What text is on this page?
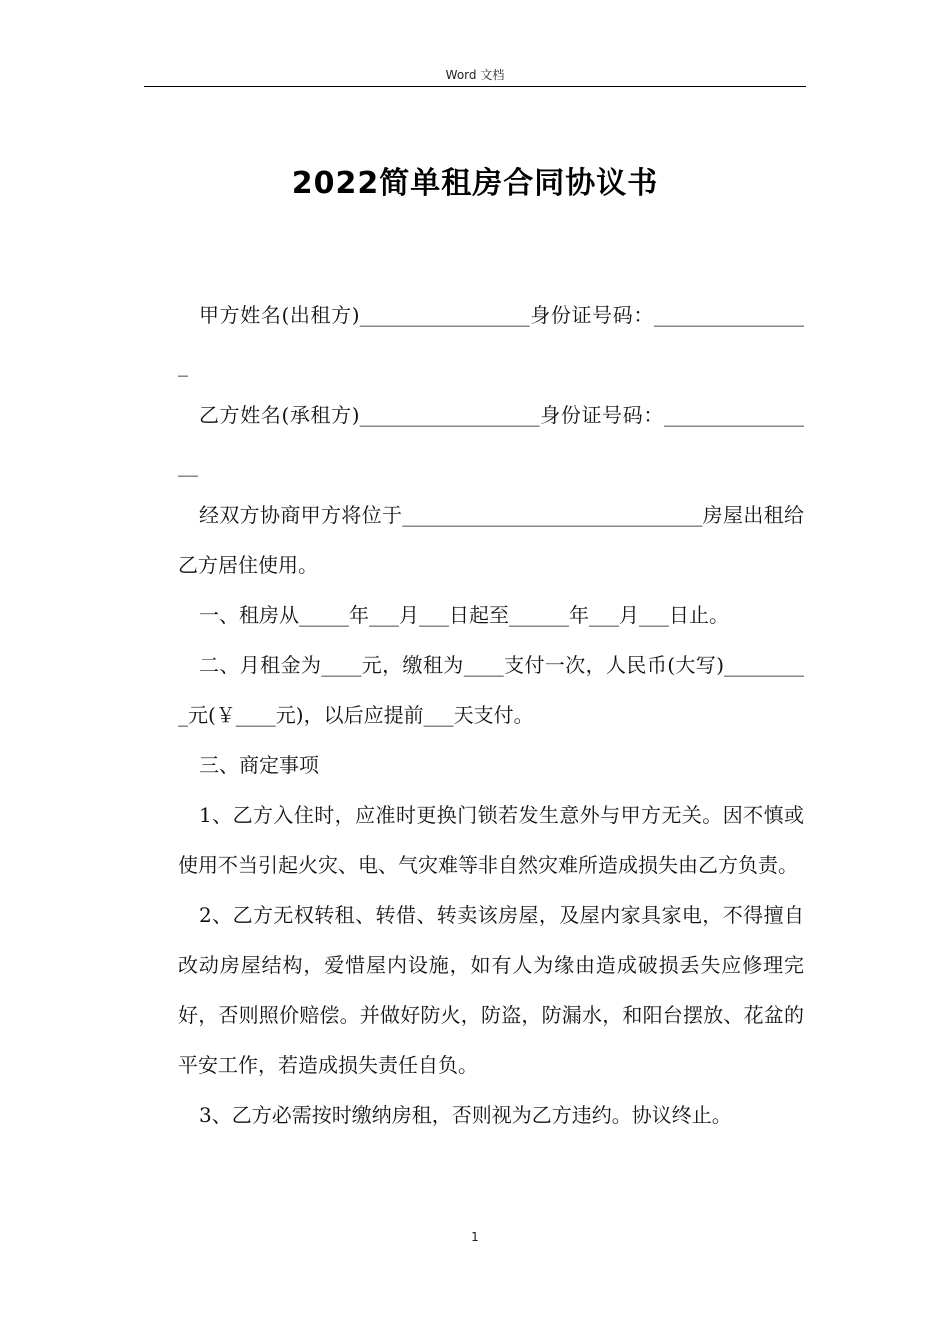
Word 文档
2022简单租房合同协议书

甲方姓名(出租方)_________________身份证号码：________________

乙方姓名(承租方)__________________身份证号码：________________

经双方协商甲方将位于______________________________房屋出租给乙方居住使用。

一、租房从_____年___月___日起至______年___月___日止。

二、月租金为____元，缴租为____支付一次，人民币(大写)_________元(￥____元)，以后应提前___天支付。

三、商定事项

1、乙方入住时，应准时更换门锁若发生意外与甲方无关。因不慎或使用不当引起火灾、电、气灾难等非自然灾难所造成损失由乙方负责。

2、乙方无权转租、转借、转卖该房屋，及屋内家具家电，不得擅自改动房屋结构，爱惜屋内设施，如有人为缘由造成破损丢失应修理完好，否则照价赔偿。并做好防火，防盗，防漏水，和阳台摆放、花盆的平安工作，若造成损失责任自负。

3、乙方必需按时缴纳房租，否则视为乙方违约。协议终止。

1
